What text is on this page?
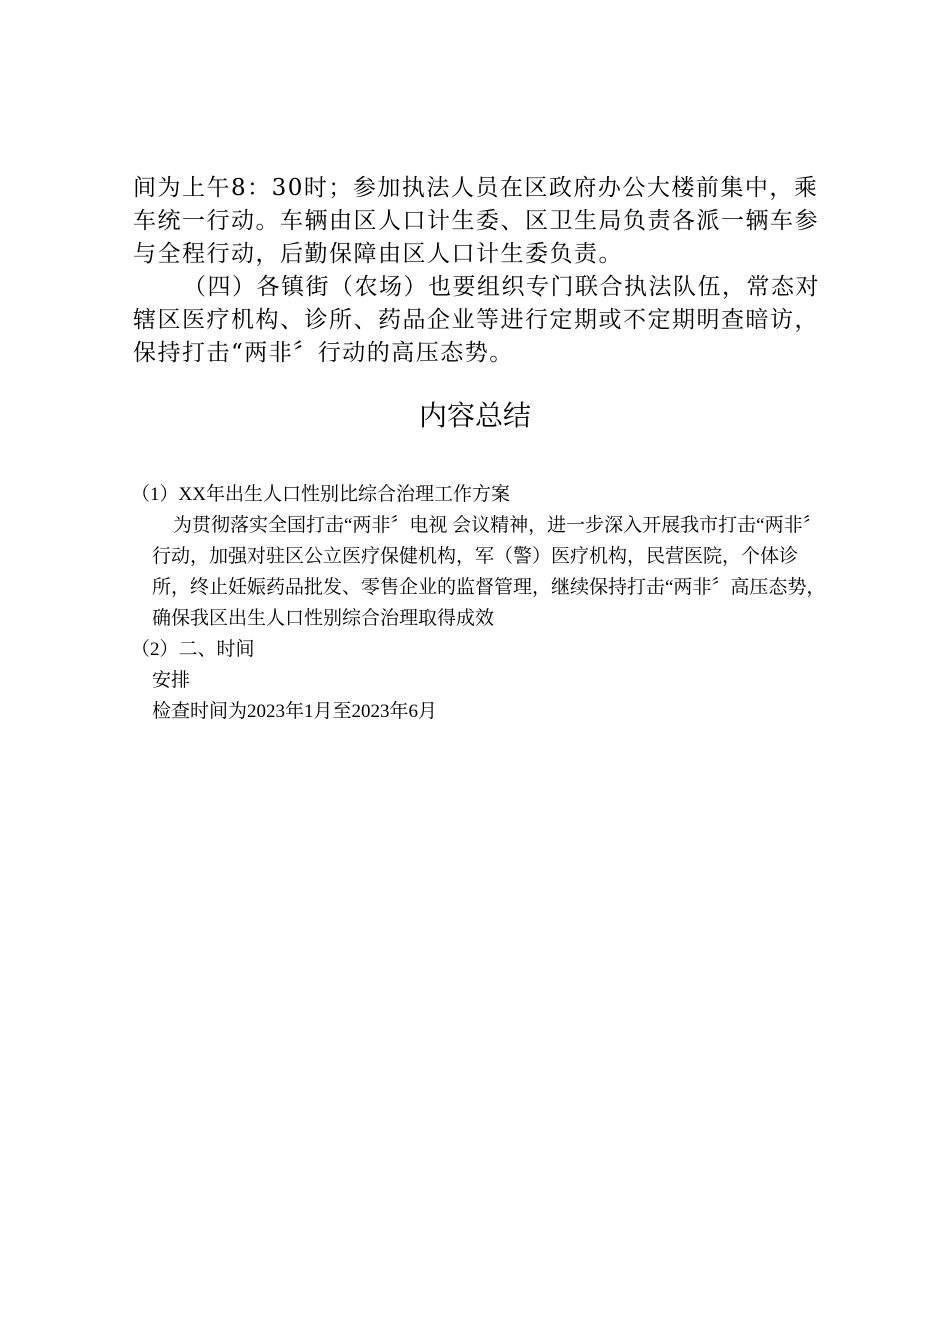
间为上午8：30时；参加执法人员在区政府办公大楼前集中，乘车统一行动。车辆由区人口计生委、区卫生局负责各派一辆车参与全程行动，后勤保障由区人口计生委负责。

（四）各镇街（农场）也要组织专门联合执法队伍，常态对辖区医疗机构、诊所、药品企业等进行定期或不定期明查暗访，保持打击“两非〞行动的高压态势。

内容总结

（1）XX年出生人口性别比综合治理工作方案

为贯彻落实全国打击“两非〞电视 会议精神，进一步深入开展我市打击“两非〞行动，加强对驻区公立医疗保健机构，军（警）医疗机构，民营医院，个体诊所，终止妊娠药品批发、零售企业的监督管理，继续保持打击“两非〞高压态势，确保我区出生人口性别综合治理取得成效

（2）二、时间

安排

检查时间为2023年1月至2023年6月
